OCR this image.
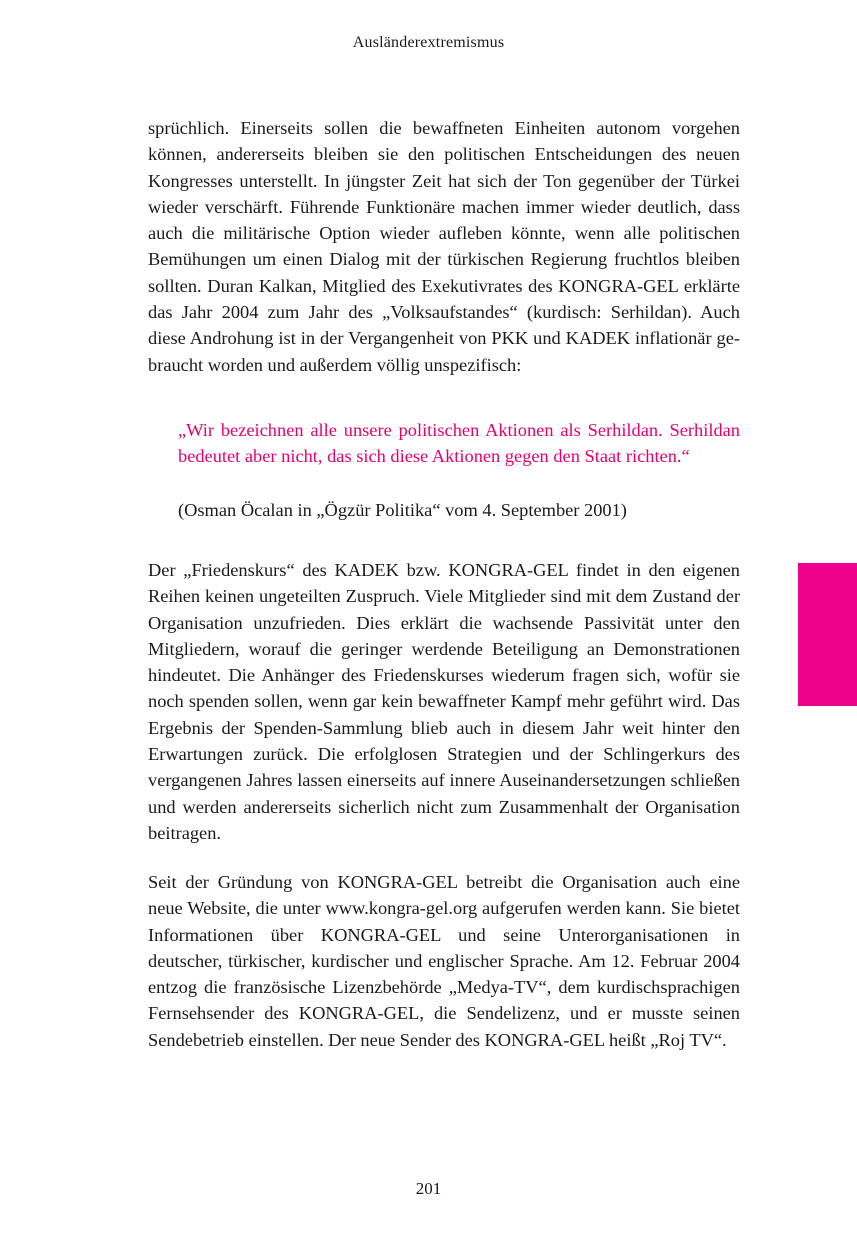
Ausländerextremismus

sprüchlich. Einerseits sollen die bewaffneten Einheiten autonom vorgehen können, andererseits bleiben sie den politischen Entscheidungen des neuen Kongresses unterstellt. In jüngster Zeit hat sich der Ton gegenüber der Türkei wieder verschärft. Führende Funktionäre machen immer wieder deutlich, dass auch die militärische Option wieder aufleben könnte, wenn alle politischen Bemühungen um einen Dialog mit der türkischen Regierung fruchtlos bleiben sollten. Duran Kalkan, Mitglied des Exekutivrates des KONGRA-GEL erklärte das Jahr 2004 zum Jahr des „Volksaufstandes“ (kurdisch: Serhildan). Auch diese Androhung ist in der Vergangenheit von PKK und KADEK inflationär gebraucht worden und außerdem völlig unspezifisch:

„Wir bezeichnen alle unsere politischen Aktionen als Serhildan. Serhildan bedeutet aber nicht, das sich diese Aktionen gegen den Staat richten.“
(Osman Öcalan in „Ögzür Politika“ vom 4. September 2001)

Der „Friedenskurs“ des KADEK bzw. KONGRA-GEL findet in den eigenen Reihen keinen ungeteilten Zuspruch. Viele Mitglieder sind mit dem Zustand der Organisation unzufrieden. Dies erklärt die wachsende Passivität unter den Mitgliedern, worauf die geringer werdende Beteiligung an Demonstrationen hindeutet. Die Anhänger des Friedenskurses wiederum fragen sich, wofür sie noch spenden sollen, wenn gar kein bewaffneter Kampf mehr geführt wird. Das Ergebnis der Spenden-Sammlung blieb auch in diesem Jahr weit hinter den Erwartungen zurück. Die erfolglosen Strategien und der Schlingerkurs des vergangenen Jahres lassen einerseits auf innere Auseinandersetzungen schließen und werden andererseits sicherlich nicht zum Zusammenhalt der Organisation beitragen.

Seit der Gründung von KONGRA-GEL betreibt die Organisation auch eine neue Website, die unter www.kongra-gel.org aufgerufen werden kann. Sie bietet Informationen über KONGRA-GEL und seine Unterorganisationen in deutscher, türkischer, kurdischer und englischer Sprache. Am 12. Februar 2004 entzog die französische Lizenzbehörde „Medya-TV“, dem kurdischsprachigen Fernsehsender des KONGRA-GEL, die Sendelizenz, und er musste seinen Sendebetrieb einstellen. Der neue Sender des KONGRA-GEL heißt „Roj TV“.

201
